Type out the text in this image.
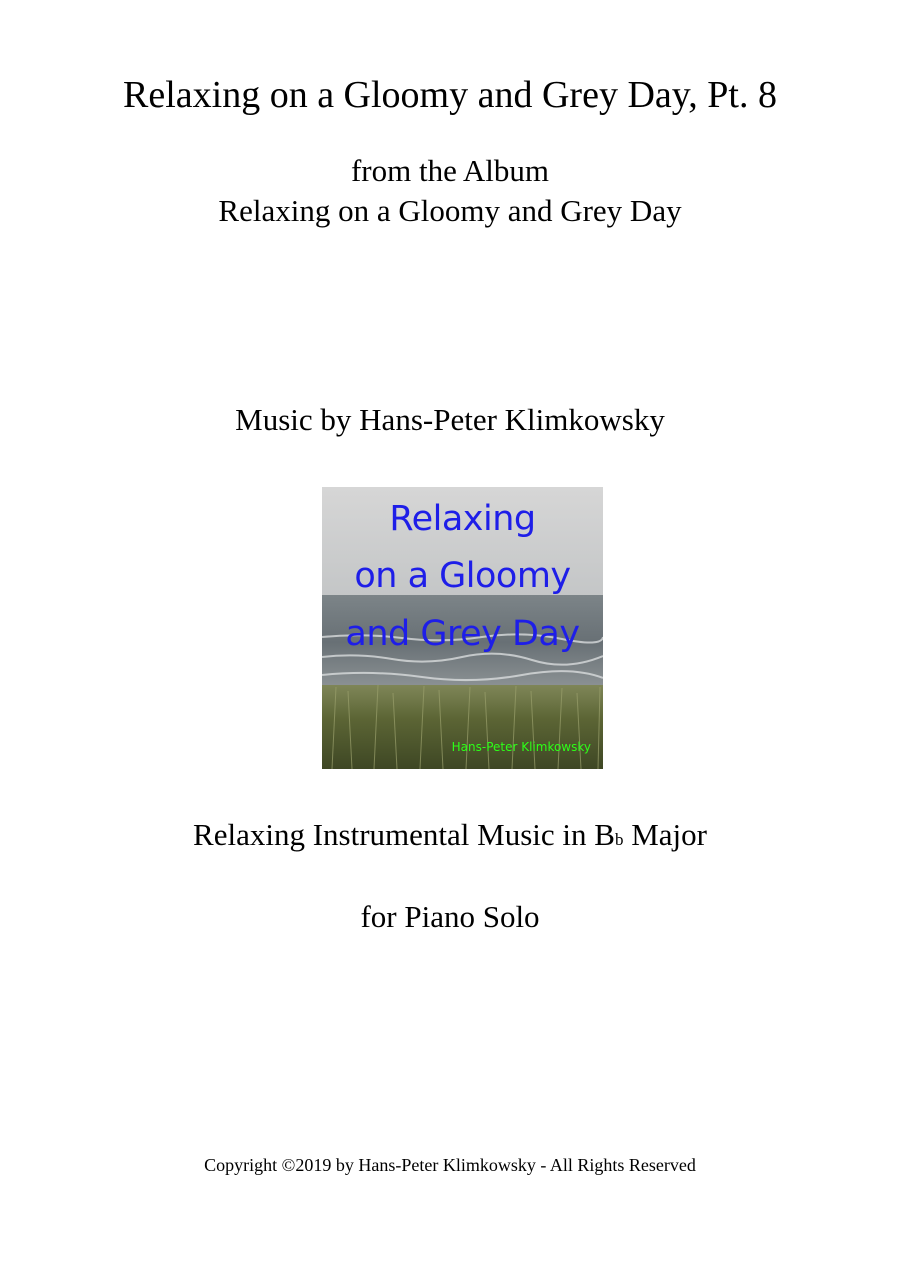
Relaxing on a Gloomy and Grey Day, Pt. 8
from the Album
Relaxing on a Gloomy and Grey Day
Music by Hans-Peter Klimkowsky
Relaxing
on a Gloomy
and Grey Day
Hans-Peter Klimkowsky
Relaxing Instrumental Music in Bb Major
for Piano Solo
Copyright ©2019 by Hans-Peter Klimkowsky - All Rights Reserved
